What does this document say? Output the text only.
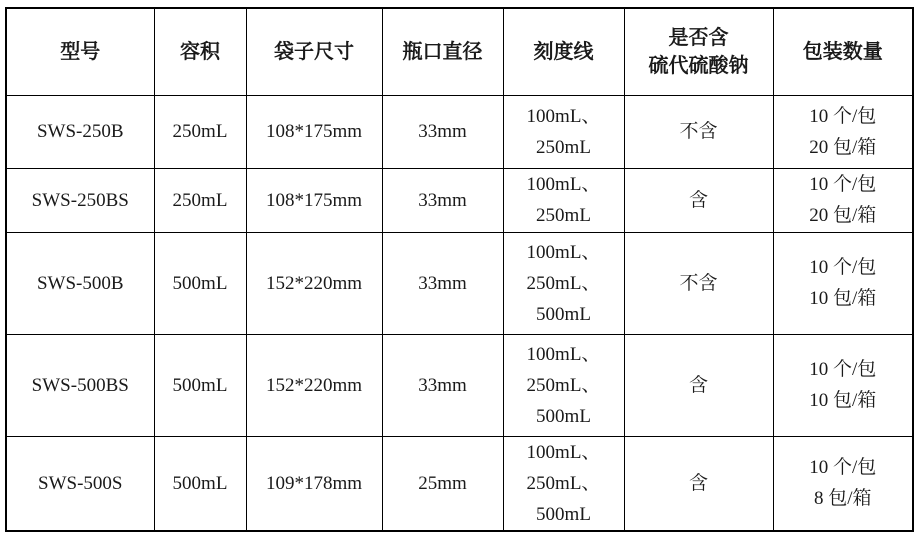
型号	容积	袋子尺寸	瓶口直径	刻度线	是否含
硫代硫酸钠	包装数量

SWS-250B	250mL	108*175mm	33mm	100mL、
250mL	不含	10 个/包
20 包/箱

SWS-250BS	250mL	108*175mm	33mm	100mL、
250mL	含	10 个/包
20 包/箱

SWS-500B	500mL	152*220mm	33mm	100mL、
250mL、
500mL	不含	10 个/包
10 包/箱

SWS-500BS	500mL	152*220mm	33mm	100mL、
250mL、
500mL	含	10 个/包
10 包/箱

SWS-500S	500mL	109*178mm	25mm	100mL、
250mL、
500mL	含	10 个/包
8 包/箱
